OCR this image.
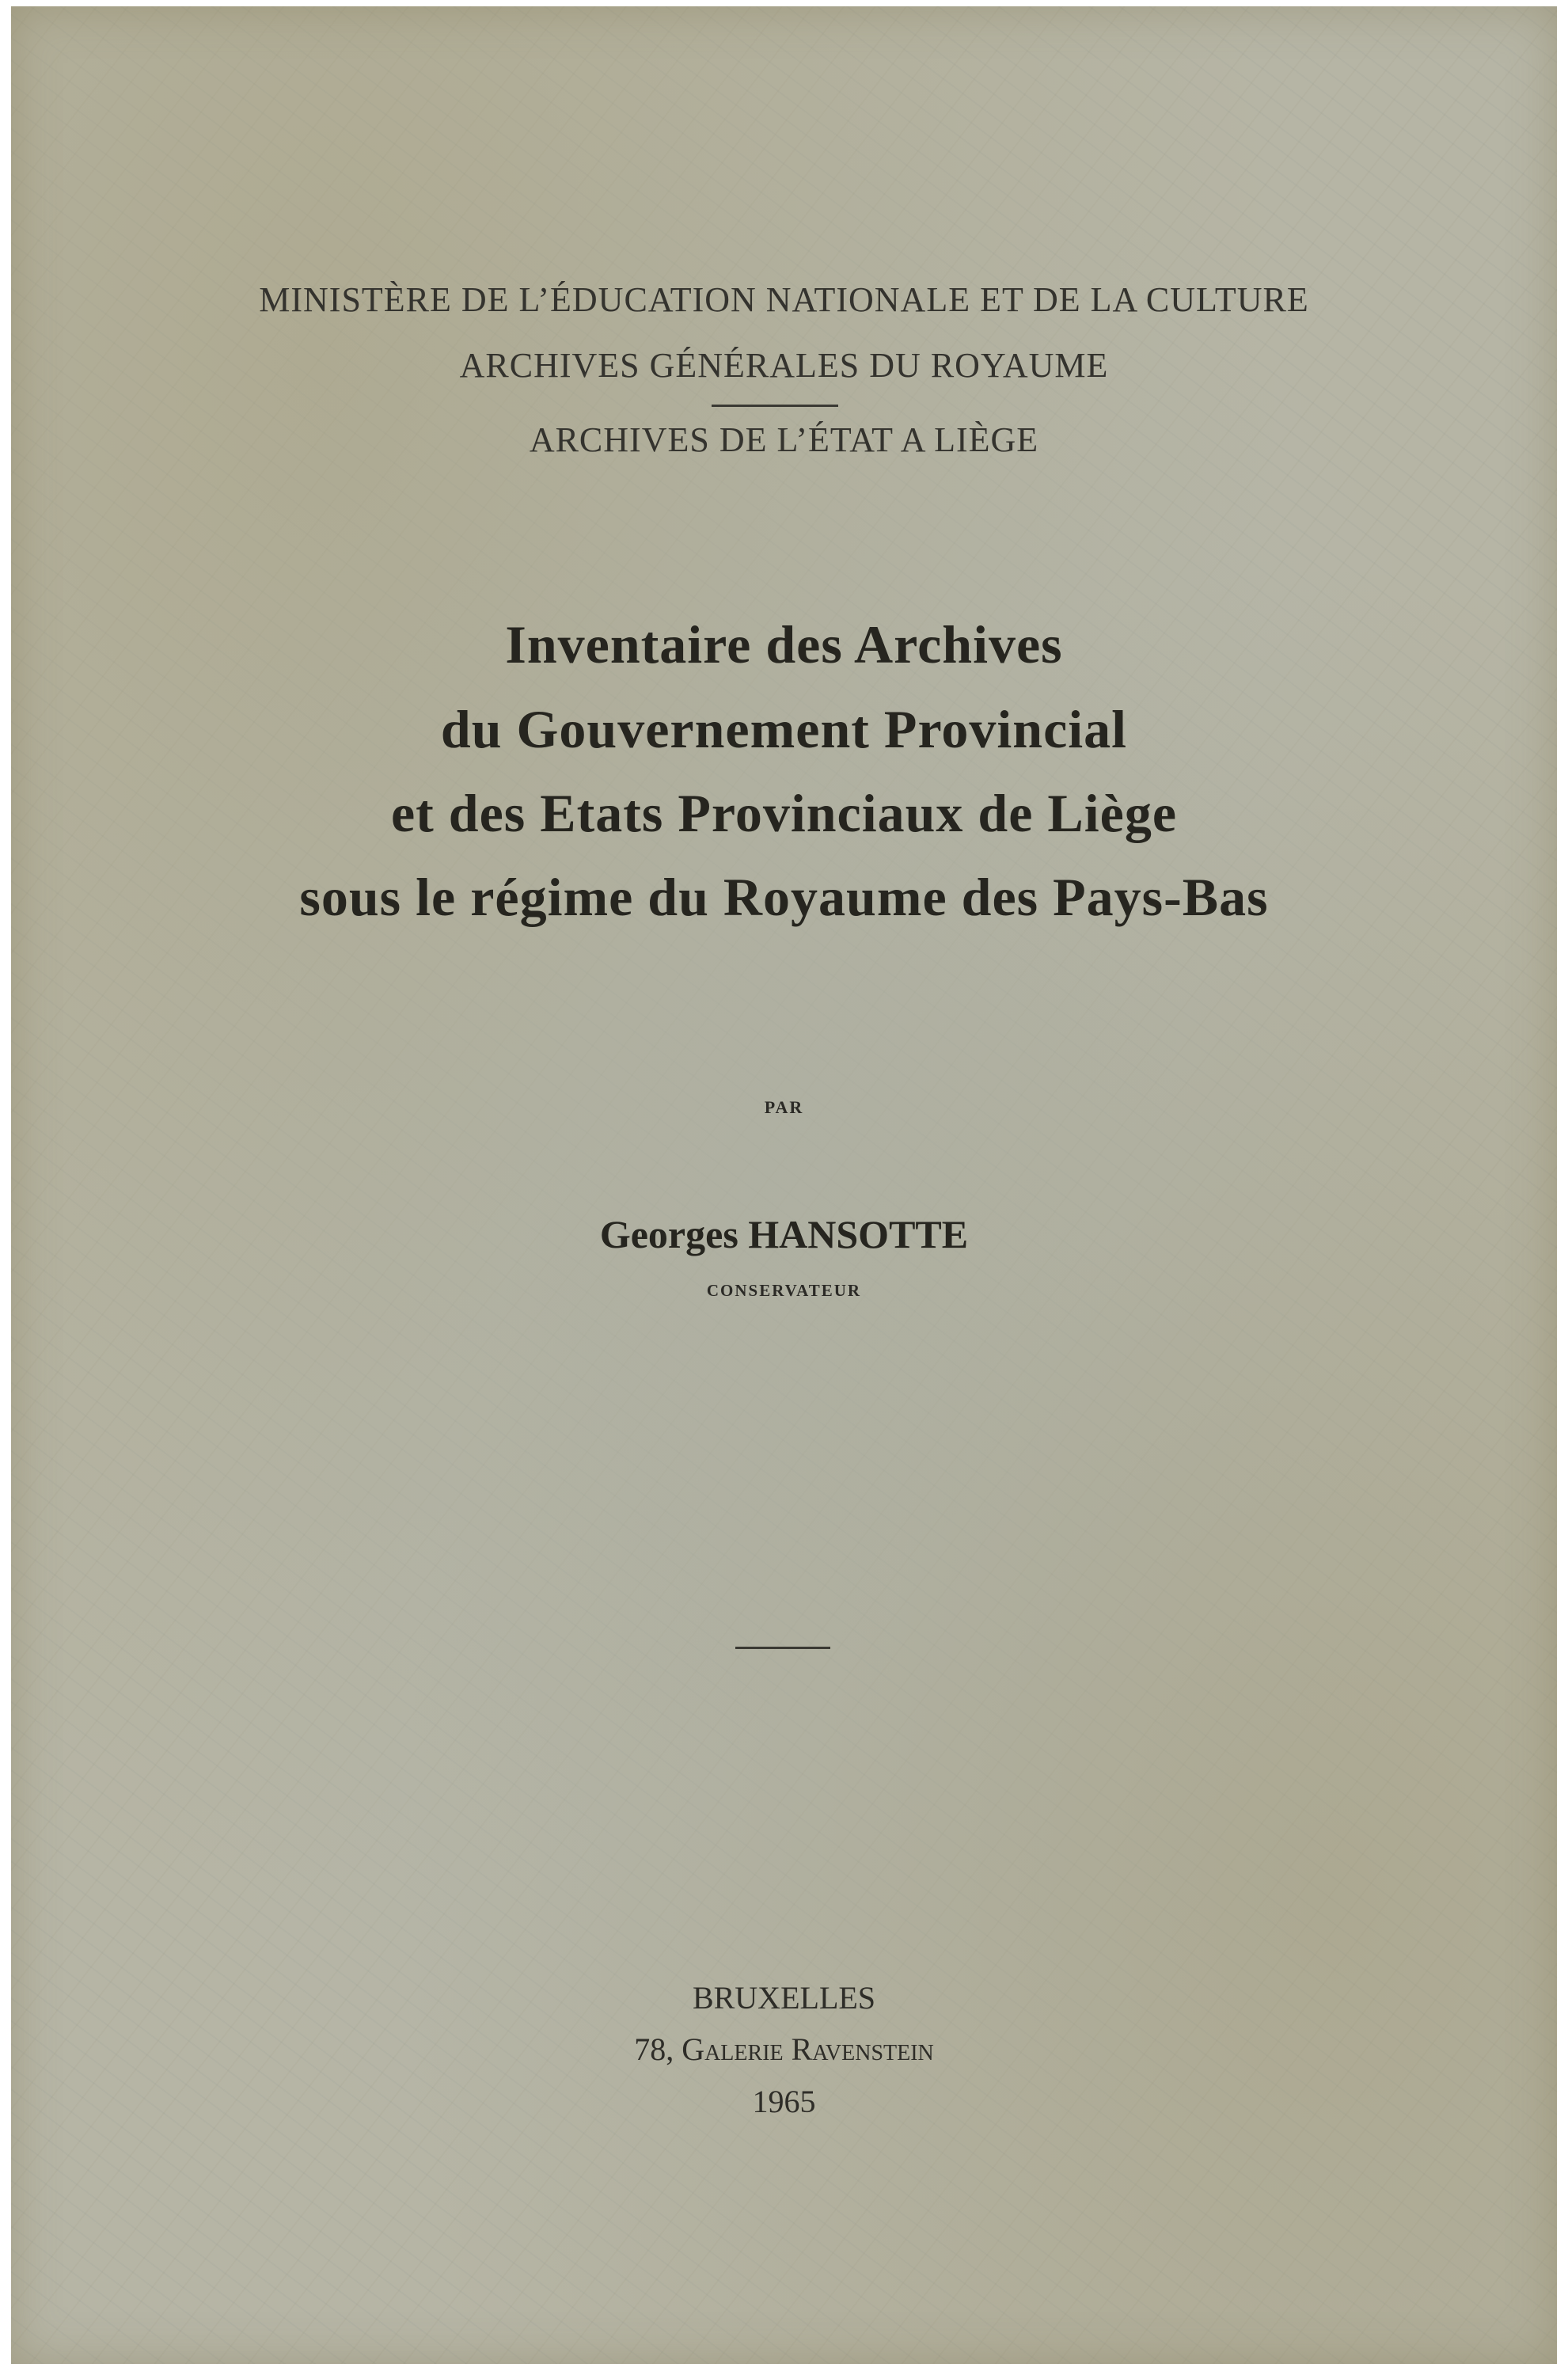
MINISTÈRE DE L’ÉDUCATION NATIONALE ET DE LA CULTURE
ARCHIVES GÉNÉRALES DU ROYAUME
ARCHIVES DE L’ÉTAT A LIÈGE
Inventaire des Archives
du Gouvernement Provincial
et des Etats Provinciaux de Liège
sous le régime du Royaume des Pays-Bas
PAR
Georges HANSOTTE
CONSERVATEUR
BRUXELLES
78, Galerie Ravenstein
1965
